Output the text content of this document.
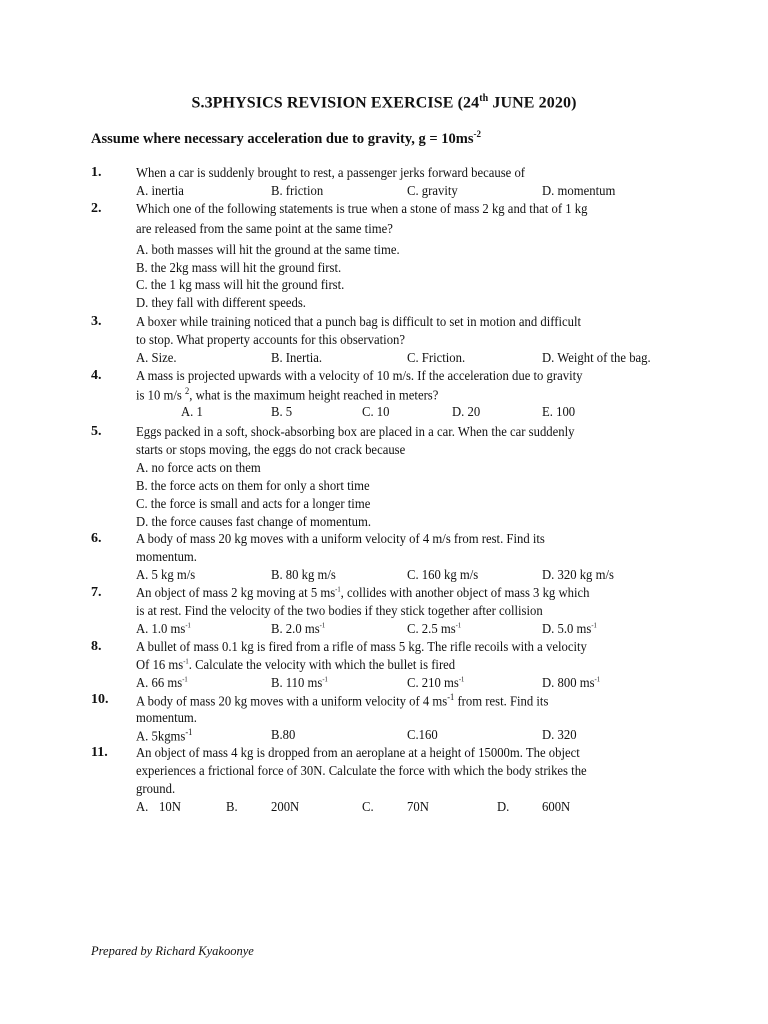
S.3PHYSICS REVISION EXERCISE (24th JUNE 2020)
Assume where necessary acceleration due to gravity, $g = 10ms^{-2}$
1.	When a car is suddenly brought to rest, a passenger jerks forward because of
A. inertia	B. friction	C. gravity	D. momentum
2.	Which one of the following statements is true when a stone of mass 2 kg and that of 1 kg
are released from the same point at the same time?
A. both masses will hit the ground at the same time.
B. the 2kg mass will hit the ground first.
C. the 1 kg mass will hit the ground first.
D. they fall with different speeds.
3.	A boxer while training noticed that a punch bag is difficult to set in motion and difficult
to stop. What property accounts for this observation?
A. Size.	B. Inertia.	C. Friction.	D. Weight of the bag.
4.	A mass is projected upwards with a velocity of 10 m/s. If the acceleration due to gravity
is 10 m/s $^2$, what is the maximum height reached in meters?
A. 1	B. 5	C. 10	D. 20	E. 100
5.	Eggs packed in a soft, shock-absorbing box are placed in a car. When the car suddenly
starts or stops moving, the eggs do not crack because
A. no force acts on them
B. the force acts on them for only a short time
C. the force is small and acts for a longer time
D. the force causes fast change of momentum.
6.	A body of mass 20 kg moves with a uniform velocity of 4 m/s from rest. Find its
momentum.
A. 5 kg m/s	B. 80 kg m/s	C. 160 kg m/s	D. 320 kg m/s
7.	An object of mass 2 kg moving at 5 $ms^{-1}$, collides with another object of mass 3 kg which
is at rest. Find the velocity of the two bodies if they stick together after collision
A. 1.0 $ms^{-1}$	B. 2.0 $ms^{-1}$	C. 2.5 $ms^{-1}$	D. 5.0 $ms^{-1}$
8.	A bullet of mass 0.1 kg is fired from a rifle of mass 5 kg. The rifle recoils with a velocity
Of 16 $ms^{-1}$. Calculate the velocity with which the bullet is fired
A. 66 $ms^{-1}$	B. 110 $ms^{-1}$	C. 210 $ms^{-1}$	D. 800 $ms^{-1}$
10. A body of mass 20 kg moves with a uniform velocity of 4 $ms^{-1}$ from rest. Find its
momentum.
A. 5kgms$^{-1}$	B.80	C.160	D. 320
11. An object of mass 4 kg is dropped from an aeroplane at a height of 15000m. The object
experiences a frictional force of 30N. Calculate the force with which the body strikes the
ground.
A. 10N	B. 200N	C. 70N	D. 600N
Prepared by Richard Kyakoonye
